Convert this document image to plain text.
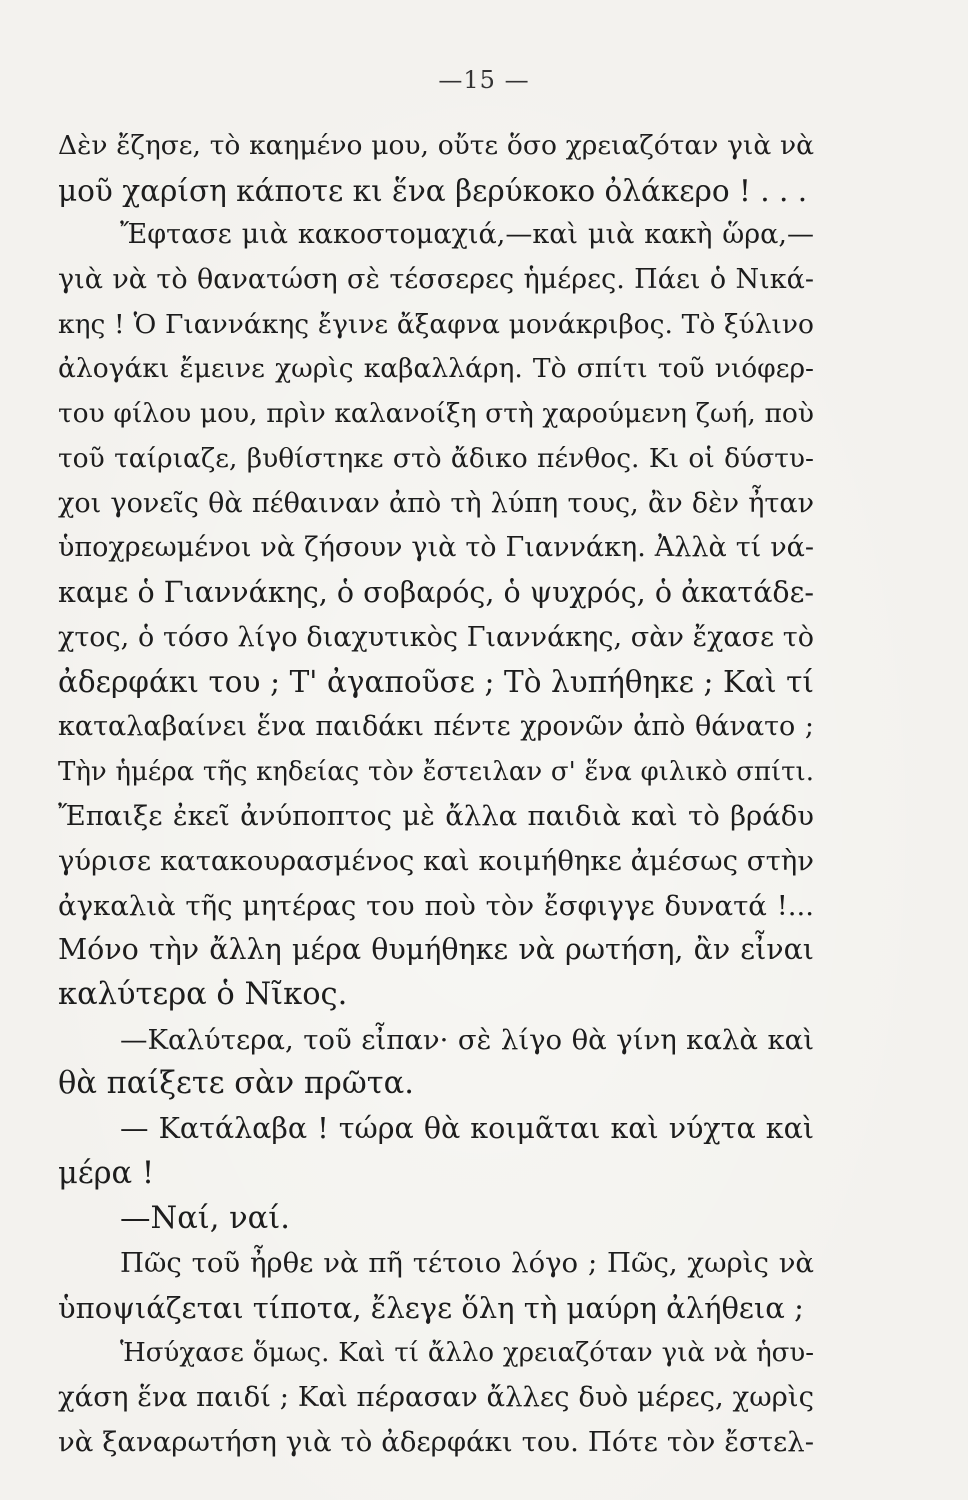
—15 —
Δὲν ἔζησε, τὸ καημένο μου, οὔτε ὅσο χρειαζόταν γιὰ νὰ
μοῦ χαρίση κάποτε κι ἕνα βερύκοκο ὀλάκερο ! . . .
Ἔφτασε μιὰ κακοστομαχιά,—καὶ μιὰ κακὴ ὥρα,—
γιὰ νὰ τὸ θανατώση σὲ τέσσερες ἡμέρες. Πάει ὁ Νικά-
κης ! Ὁ Γιαννάκης ἔγινε ἄξαφνα μονάκριβος. Τὸ ξύλινο
ἀλογάκι ἔμεινε χωρὶς καβαλλάρη. Τὸ σπίτι τοῦ νιόφερ-
του φίλου μου, πρὶν καλανοίξη στὴ χαρούμενη ζωή, ποὺ
τοῦ ταίριαζε, βυθίστηκε στὸ ἄδικο πένθος. Κι οἱ δύστυ-
χοι γονεῖς θὰ πέθαιναν ἀπὸ τὴ λύπη τους, ἂν δὲν ἦταν
ὑποχρεωμένοι νὰ ζήσουν γιὰ τὸ Γιαννάκη. Ἀλλὰ τί νά-
καμε ὁ Γιαννάκης, ὁ σοβαρός, ὁ ψυχρός, ὁ ἀκατάδε-
χτος, ὁ τόσο λίγο διαχυτικὸς Γιαννάκης, σὰν ἔχασε τὸ
ἀδερφάκι του ; Τ' ἀγαποῦσε ; Τὸ λυπήθηκε ; Καὶ τί
καταλαβαίνει ἕνα παιδάκι πέντε χρονῶν ἀπὸ θάνατο ;
Τὴν ἡμέρα τῆς κηδείας τὸν ἔστειλαν σ' ἕνα φιλικὸ σπίτι.
Ἔπαιξε ἐκεῖ ἀνύποπτος μὲ ἄλλα παιδιὰ καὶ τὸ βράδυ
γύρισε κατακουρασμένος καὶ κοιμήθηκε ἀμέσως στὴν
ἀγκαλιὰ τῆς μητέρας του ποὺ τὸν ἔσφιγγε δυνατά !...
Μόνο τὴν ἄλλη μέρα θυμήθηκε νὰ ρωτήση, ἂν εἶναι
καλύτερα ὁ Νῖκος.
—Καλύτερα, τοῦ εἶπαν· σὲ λίγο θὰ γίνη καλὰ καὶ
θὰ παίξετε σὰν πρῶτα.
— Κατάλαβα ! τώρα θὰ κοιμᾶται καὶ νύχτα καὶ
μέρα !
—Ναί, ναί.
Πῶς τοῦ ἦρθε νὰ πῆ τέτοιο λόγο ; Πῶς, χωρὶς νὰ
ὑποψιάζεται τίποτα, ἔλεγε ὅλη τὴ μαύρη ἀλήθεια ;
Ἡσύχασε ὅμως. Καὶ τί ἄλλο χρειαζόταν γιὰ νὰ ἡσυ-
χάση ἕνα παιδί ; Καὶ πέρασαν ἄλλες δυὸ μέρες, χωρὶς
νὰ ξαναρωτήση γιὰ τὸ ἀδερφάκι του. Πότε τὸν ἔστελ-
